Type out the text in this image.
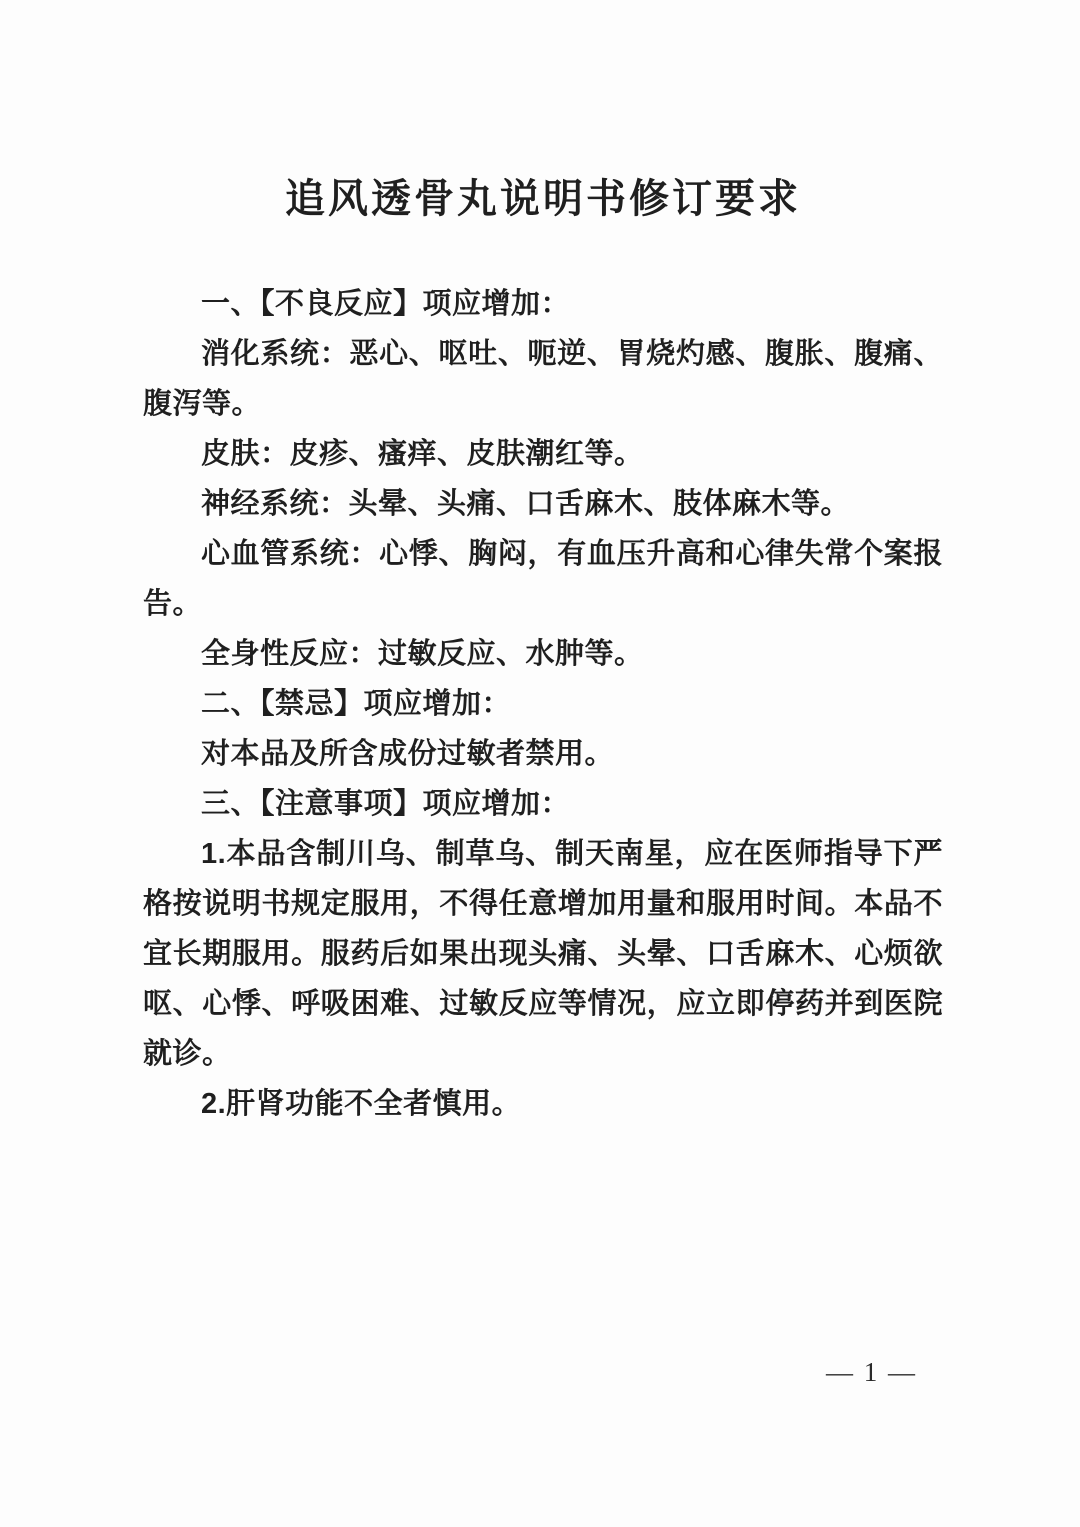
追风透骨丸说明书修订要求

一、【不良反应】项应增加：

消化系统：恶心、呕吐、呃逆、胃烧灼感、腹胀、腹痛、腹泻等。

皮肤：皮疹、瘙痒、皮肤潮红等。

神经系统：头晕、头痛、口舌麻木、肢体麻木等。

心血管系统：心悸、胸闷，有血压升高和心律失常个案报告。

全身性反应：过敏反应、水肿等。

二、【禁忌】项应增加：

对本品及所含成份过敏者禁用。

三、【注意事项】项应增加：

1.本品含制川乌、制草乌、制天南星，应在医师指导下严格按说明书规定服用，不得任意增加用量和服用时间。本品不宜长期服用。服药后如果出现头痛、头晕、口舌麻木、心烦欲呕、心悸、呼吸困难、过敏反应等情况，应立即停药并到医院就诊。

2.肝肾功能不全者慎用。

— 1 —
